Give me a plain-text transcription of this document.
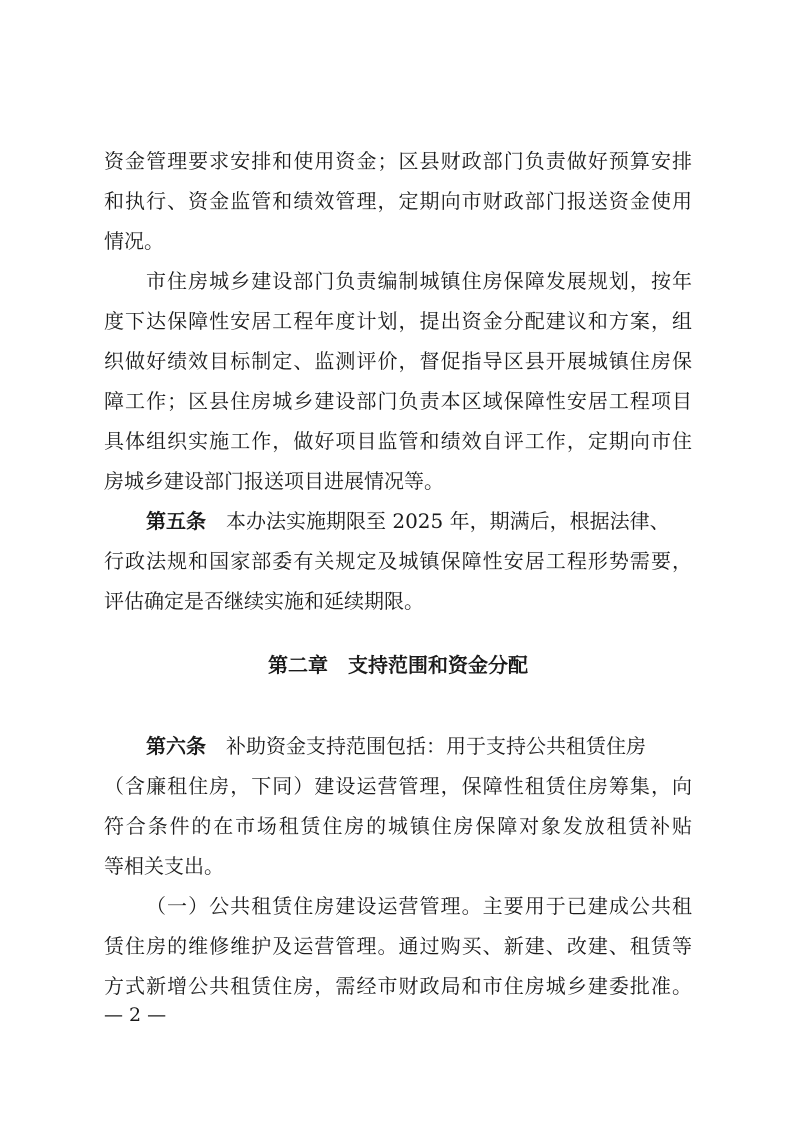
资金管理要求安排和使用资金；区县财政部门负责做好预算安排
和执行、资金监管和绩效管理，定期向市财政部门报送资金使用
情况。
市住房城乡建设部门负责编制城镇住房保障发展规划，按年
度下达保障性安居工程年度计划，提出资金分配建议和方案，组
织做好绩效目标制定、监测评价，督促指导区县开展城镇住房保
障工作；区县住房城乡建设部门负责本区域保障性安居工程项目
具体组织实施工作，做好项目监管和绩效自评工作，定期向市住
房城乡建设部门报送项目进展情况等。
第五条 本办法实施期限至 2025 年，期满后，根据法律、
行政法规和国家部委有关规定及城镇保障性安居工程形势需要，
评估确定是否继续实施和延续期限。
第二章　支持范围和资金分配
第六条 补助资金支持范围包括：用于支持公共租赁住房
（含廉租住房，下同）建设运营管理，保障性租赁住房筹集，向
符合条件的在市场租赁住房的城镇住房保障对象发放租赁补贴
等相关支出。
（一）公共租赁住房建设运营管理。主要用于已建成公共租
赁住房的维修维护及运营管理。通过购买、新建、改建、租赁等
方式新增公共租赁住房，需经市财政局和市住房城乡建委批准。
— 2 —
